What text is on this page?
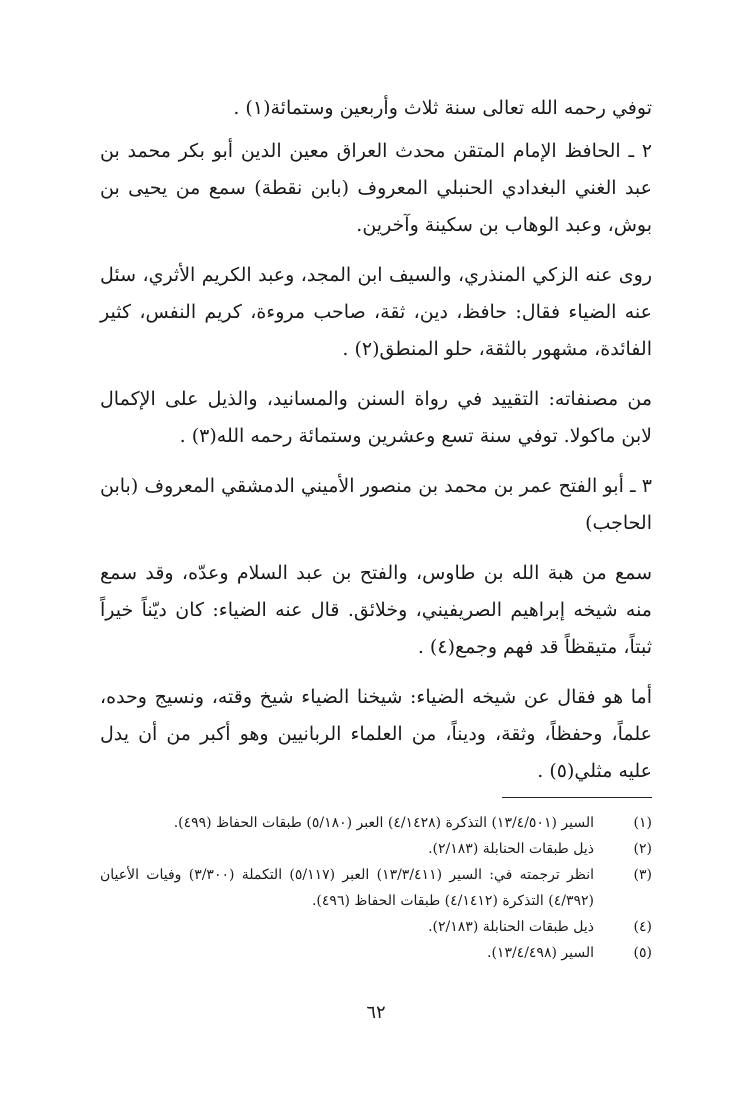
توفي رحمه الله تعالى سنة ثلاث وأربعين وستمائة(١) .

٢ ـ الحافظ الإمام المتقن محدث العراق معين الدين أبو بكر محمد بن عبد الغني البغدادي الحنبلي المعروف (بابن نقطة) سمع من يحيى بن بوش، وعبد الوهاب بن سكينة وآخرين.

روى عنه الزكي المنذري، والسيف ابن المجد، وعبد الكريم الأثري، سئل عنه الضياء فقال: حافظ، دين، ثقة، صاحب مروءة، كريم النفس، كثير الفائدة، مشهور بالثقة، حلو المنطق(٢) .

من مصنفاته: التقييد في رواة السنن والمسانيد، والذيل على الإكمال لابن ماكولا. توفي سنة تسع وعشرين وستمائة رحمه الله(٣) .

٣ ـ أبو الفتح عمر بن محمد بن منصور الأميني الدمشقي المعروف (بابن الحاجب)

سمع من هبة الله بن طاوس، والفتح بن عبد السلام وعدّه، وقد سمع منه شيخه إبراهيم الصريفيني، وخلائق. قال عنه الضياء: كان ديّناً خيراً ثبتاً، متيقظاً قد فهم وجمع(٤) .

أما هو فقال عن شيخه الضياء: شيخنا الضياء شيخ وقته، ونسيج وحده، علماً، وحفظاً، وثقة، وديناً، من العلماء الربانيين وهو أكبر من أن يدل عليه مثلي(٥) .

(١)
السير (١٣/٤/٥٠١) التذكرة (٤/١٤٢٨) العبر (٥/١٨٠) طبقات الحفاظ (٤٩٩).
(٢)
ذيل طبقات الحنابلة (٢/١٨٣).
(٣)
انظر ترجمته في: السير (١٣/٣/٤١١) العبر (٥/١١٧) التكملة (٣/٣٠٠) وفيات الأعيان (٤/٣٩٢) التذكرة (٤/١٤١٢) طبقات الحفاظ (٤٩٦).
(٤)
ذيل طبقات الحنابلة (٢/١٨٣).
(٥)
السير (١٣/٤/٤٩٨).
٦٢
